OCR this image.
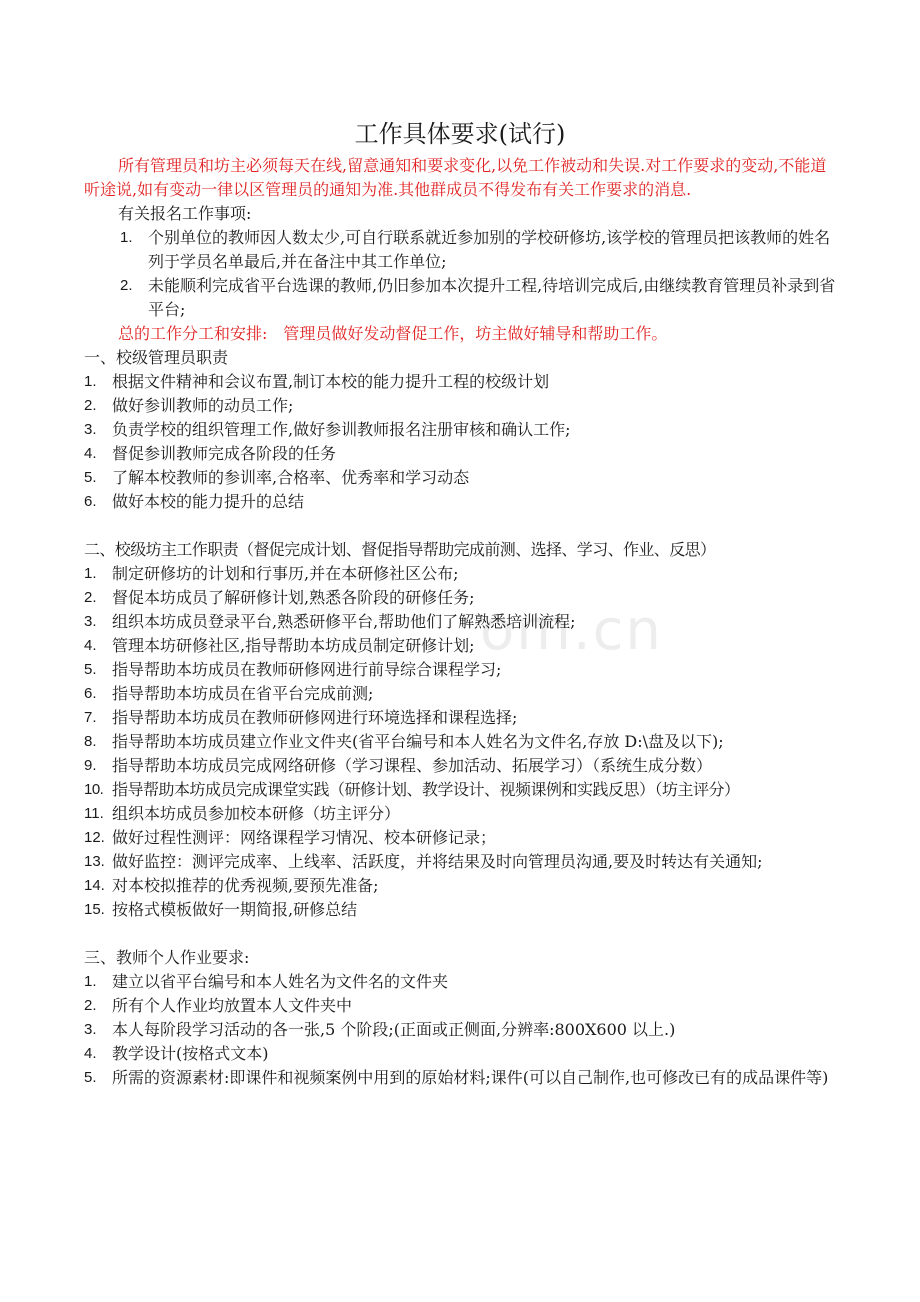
om.cn
工作具体要求(试行)

所有管理员和坊主必须每天在线,留意通知和要求变化,以免工作被动和失误.对工作要求的变动,不能道听途说,如有变动一律以区管理员的通知为准.其他群成员不得发布有关工作要求的消息.

有关报名工作事项:

1. 个别单位的教师因人数太少,可自行联系就近参加别的学校研修坊,该学校的管理员把该教师的姓名列于学员名单最后,并在备注中其工作单位;
2. 未能顺利完成省平台选课的教师,仍旧参加本次提升工程,待培训完成后,由继续教育管理员补录到省平台;

总的工作分工和安排:　管理员做好发动督促工作，坊主做好辅导和帮助工作。

一、校级管理员职责

1. 根据文件精神和会议布置,制订本校的能力提升工程的校级计划
2. 做好参训教师的动员工作;
3. 负责学校的组织管理工作,做好参训教师报名注册审核和确认工作;
4. 督促参训教师完成各阶段的任务
5. 了解本校教师的参训率,合格率、优秀率和学习动态
6. 做好本校的能力提升的总结

二、校级坊主工作职责（督促完成计划、督促指导帮助完成前测、选择、学习、作业、反思）

1. 制定研修坊的计划和行事历,并在本研修社区公布;
2. 督促本坊成员了解研修计划,熟悉各阶段的研修任务;
3. 组织本坊成员登录平台,熟悉研修平台,帮助他们了解熟悉培训流程;
4. 管理本坊研修社区,指导帮助本坊成员制定研修计划;
5. 指导帮助本坊成员在教师研修网进行前导综合课程学习;
6. 指导帮助本坊成员在省平台完成前测;
7. 指导帮助本坊成员在教师研修网进行环境选择和课程选择;
8. 指导帮助本坊成员建立作业文件夹(省平台编号和本人姓名为文件名,存放 D:\盘及以下);
9. 指导帮助本坊成员完成网络研修（学习课程、参加活动、拓展学习）（系统生成分数）
10. 指导帮助本坊成员完成课堂实践（研修计划、教学设计、视频课例和实践反思）（坊主评分）
11. 组织本坊成员参加校本研修（坊主评分）
12. 做好过程性测评：网络课程学习情况、校本研修记录；
13. 做好监控：测评完成率、上线率、活跃度，并将结果及时向管理员沟通,要及时转达有关通知;
14. 对本校拟推荐的优秀视频,要预先准备;
15. 按格式模板做好一期简报,研修总结

三、教师个人作业要求:

1. 建立以省平台编号和本人姓名为文件名的文件夹
2. 所有个人作业均放置本人文件夹中
3. 本人每阶段学习活动的各一张,5 个阶段;(正面或正侧面,分辨率:800X600 以上.)
4. 教学设计(按格式文本)
5. 所需的资源素材:即课件和视频案例中用到的原始材料;课件(可以自己制作,也可修改已有的成品课件等)
